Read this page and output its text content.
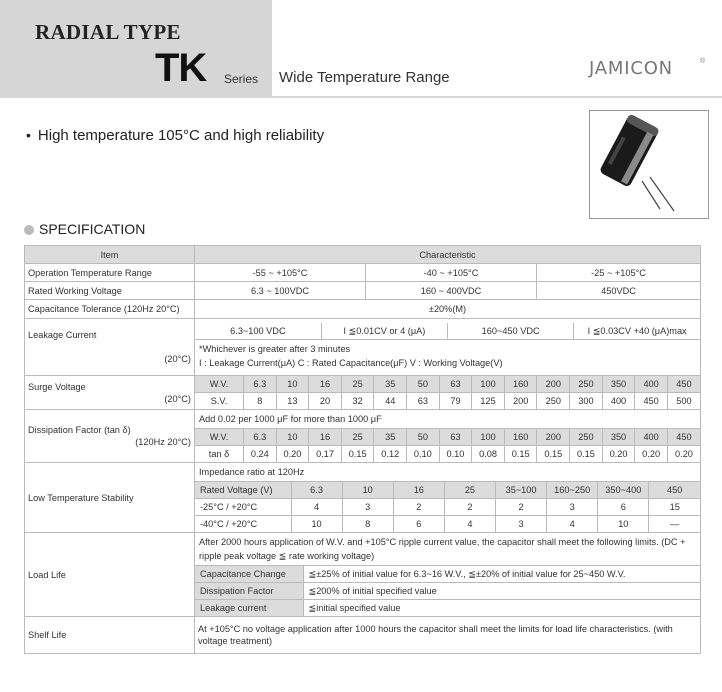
RADIAL TYPE
TK Series Wide Temperature Range	JAMICON	®
• High temperature 105°C and high reliability
SPECIFICATION
Item	Characteristic
Operation Temperature Range	-55 ~ +105°C	-40 ~ +105°C	-25 ~ +105°C
Rated Working Voltage	6.3 ~ 100VDC	160 ~ 400VDC	450VDC
Capacitance Tolerance (120Hz 20°C)	±20%(M)
Leakage Current

(20°C)

6.3~100 VDC	I ≦0.01CV or 4 (μA)	160~450 VDC	I ≦0.03CV +40 (μA)max
*Whichever is greater after 3 minutes
I : Leakage Current(μA) C : Rated Capacitance(μF) V : Working Voltage(V)

Surge Voltage

(20°C)

W.V.	6.3	10	16	25	35	50	63	100	160	200	250	350	400	450
S.V.	8	13	20	32	44	63	79	125	200	250	300	400	450	500

Dissipation Factor (tan δ)

(120Hz 20°C)

Add 0.02 per 1000 μF for more than 1000 μF
W.V.	6.3	10	16	25	35	50	63	100	160	200	250	350	400	450
tan δ	0.24	0.20	0.17	0.15	0.12	0.10	0.10	0.08	0.15	0.15	0.15	0.20	0.20	0.20

Low Temperature Stability	
Impedance ratio at 120Hz
Rated Voltage (V)	6.3	10	16	25	35~100	160~250	350~400	450
-25°C / +20°C	4	3	2	2	2	3	6	15
-40°C / +20°C	10	8	6	4	3	4	10	—

Load Life	
After 2000 hours application of W.V. and +105°C ripple current value, the capacitor shall meet the following limits. (DC + ripple peak voltage ≦ rate working voltage)
Capacitance Change	≦±25% of initial value for 6.3~16 W.V., ≦±20% of initial value for 25~450 W.V.
Dissipation Factor	≦200% of initial specified value
Leakage current	≦initial specified value

Shelf Life	At +105°C no voltage application after 1000 hours the capacitor shall meet the limits for load life characteristics. (with voltage treatment)
